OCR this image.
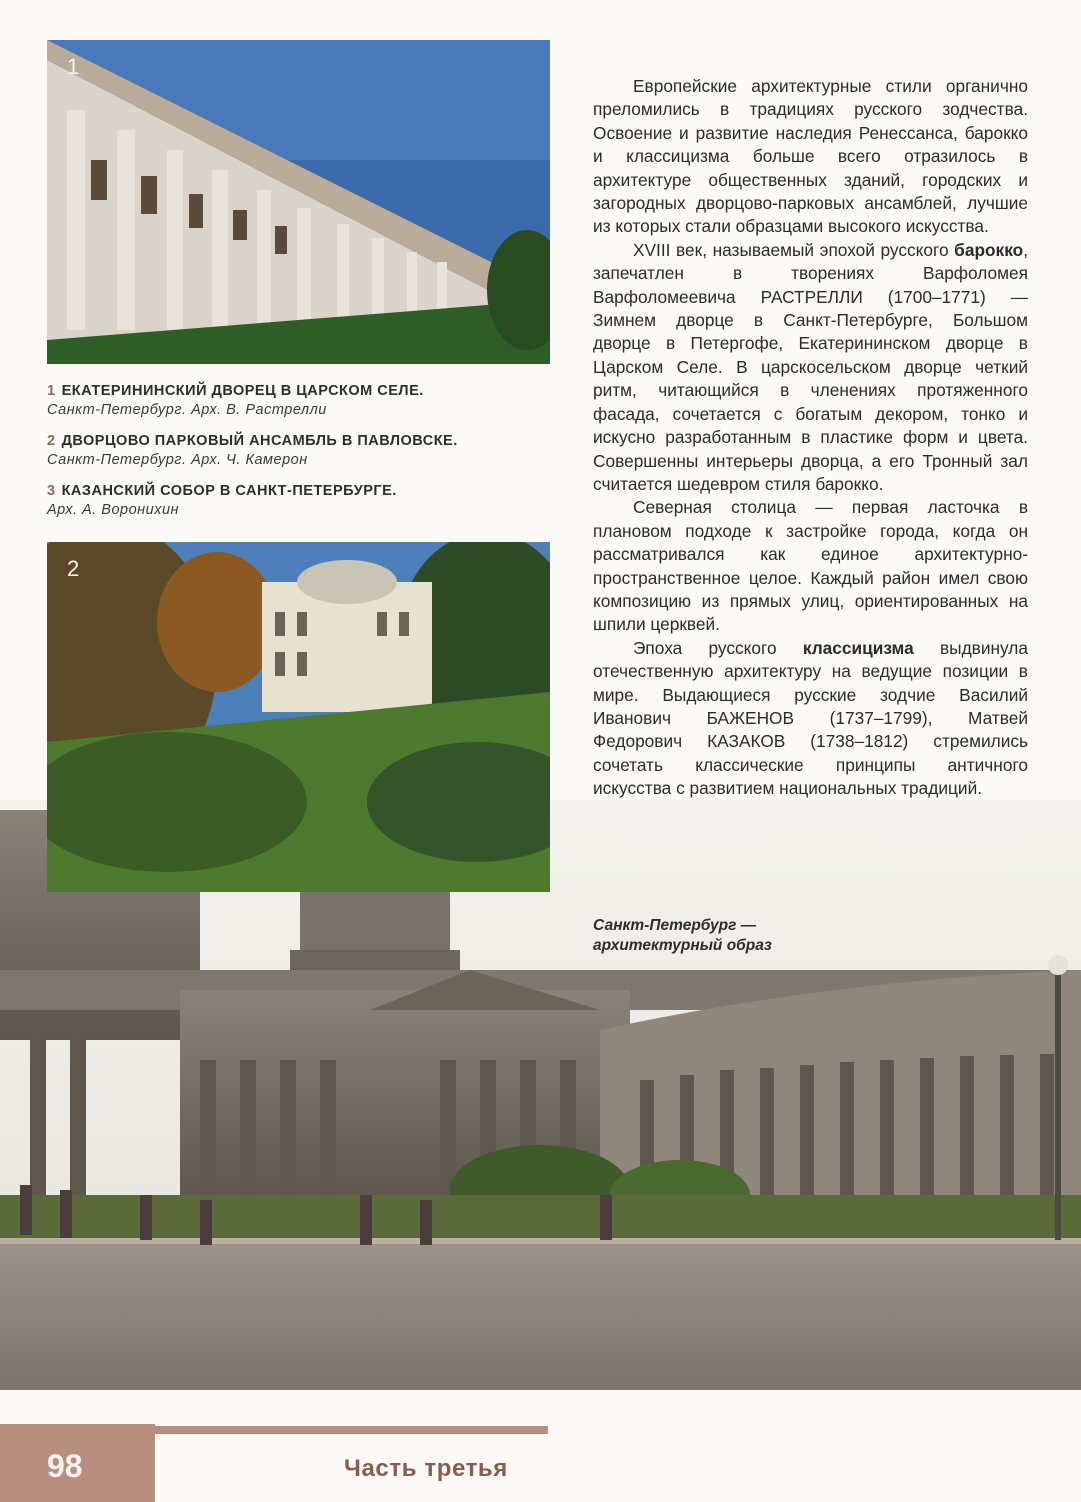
1
1 ЕКАТЕРИНИНСКИЙ ДВОРЕЦ В ЦАРСКОМ СЕЛЕ.
Санкт-Петербург. Арх. В. Растрелли
2 ДВОРЦОВО ПАРКОВЫЙ АНСАМБЛЬ В ПАВЛОВСКЕ.
Санкт-Петербург. Арх. Ч. Камерон
3 КАЗАНСКИЙ СОБОР В САНКТ-ПЕТЕРБУРГЕ.
Арх. А. Воронихин
2

Европейские архитектурные стили органично преломились в традициях русского зодчества. Освоение и развитие наследия Ренессанса, барокко и классицизма больше всего отразилось в архитектуре общественных зданий, городских и загородных дворцово-парковых ансамблей, лучшие из которых стали образцами высокого искусства.

XVIII век, называемый эпохой русского барокко, запечатлен в творениях Варфоломея Варфоломеевича РАСТРЕЛЛИ (1700–1771) — Зимнем дворце в Санкт-Петербурге, Большом дворце в Петергофе, Екатерининском дворце в Царском Селе. В царскосельском дворце четкий ритм, читающийся в членениях протяженного фасада, сочетается с богатым декором, тонко и искусно разработанным в пластике форм и цвета. Совершенны интерьеры дворца, а его Тронный зал считается шедевром стиля барокко.

Северная столица — первая ласточка в плановом подходе к застройке города, когда он рассматривался как единое архитектурно-пространственное целое. Каждый район имел свою композицию из прямых улиц, ориентированных на шпили церквей.

Эпоха русского классицизма выдвинула отечественную архитектуру на ведущие позиции в мире. Выдающиеся русские зодчие Василий Иванович БАЖЕНОВ (1737–1799), Матвей Федорович КАЗАКОВ (1738–1812) стремились сочетать классические принципы античного искусства с развитием национальных традиций.

Санкт-Петербург —
архитектурный образ
98	Часть третья
